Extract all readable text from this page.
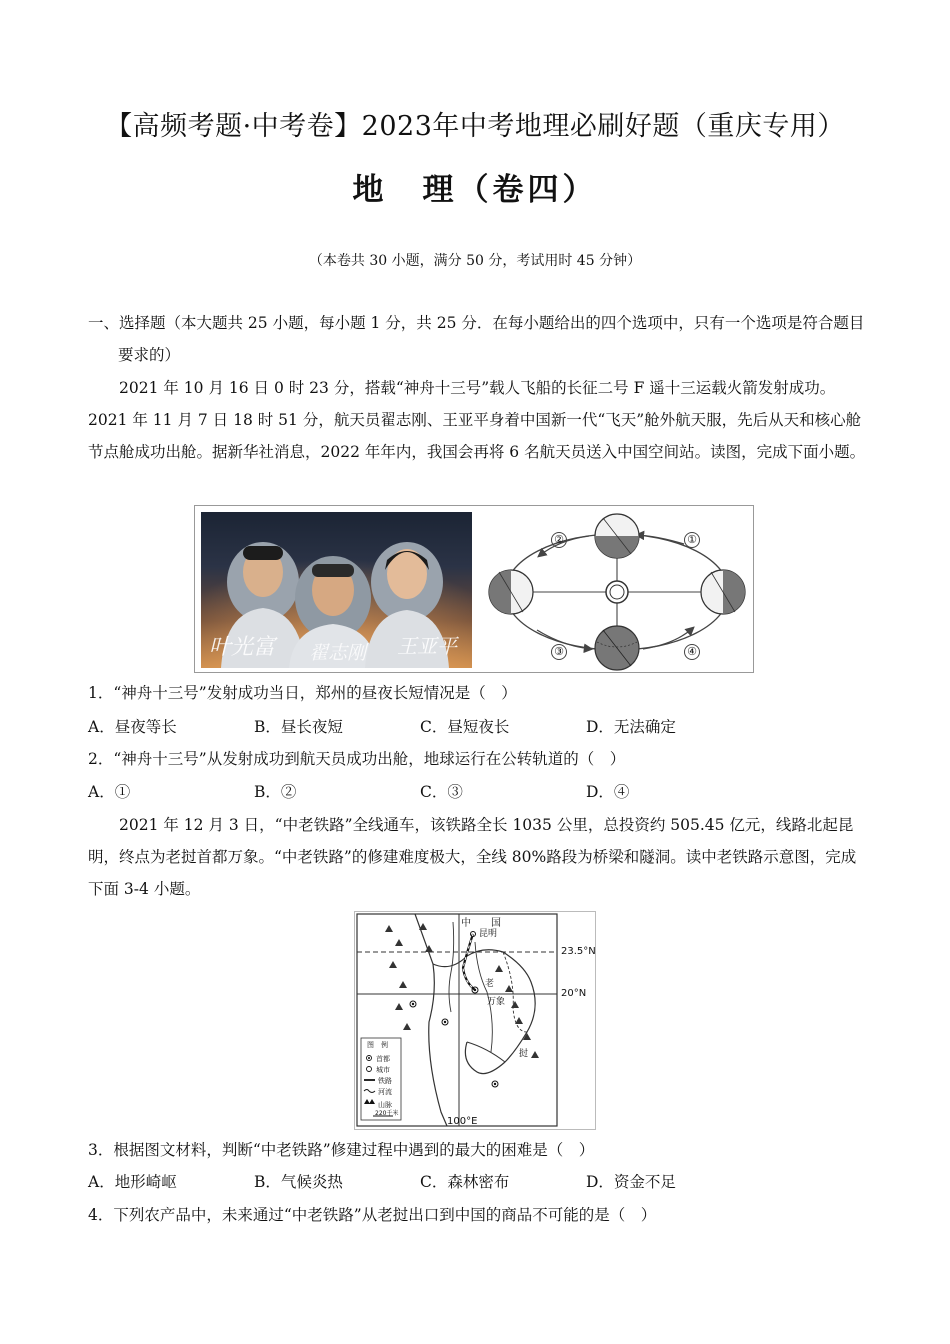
【高频考题·中考卷】2023年中考地理必刷好题（重庆专用）
地　理（卷四）
（本卷共 30 小题，满分 50 分，考试用时 45 分钟）
一、选择题（本大题共 25 小题，每小题 1 分，共 25 分．在每小题给出的四个选项中，只有一个选项是符合题目要求的）
2021 年 10 月 16 日 0 时 23 分，搭载“神舟十三号”载人飞船的长征二号 F 遥十三运载火箭发射成功。2021 年 11 月 7 日 18 时 51 分，航天员翟志刚、王亚平身着中国新一代“飞天”舱外航天服，先后从天和核心舱节点舱成功出舱。据新华社消息，2022 年年内，我国会再将 6 名航天员送入中国空间站。读图，完成下面小题。
叶光富 翟志刚 王亚平
②	①
③	④
1．“神舟十三号”发射成功当日，郑州的昼夜长短情况是（　）
A．昼夜等长	B．昼长夜短	C．昼短夜长	D．无法确定
2．“神舟十三号”从发射成功到航天员成功出舱，地球运行在公转轨道的（　）
A．①	B．②	C．③	D．④
2021 年 12 月 3 日，“中老铁路”全线通车，该铁路全长 1035 公里，总投资约 505.45 亿元，线路北起昆明，终点为老挝首都万象。“中老铁路”的修建难度极大，全线 80%路段为桥梁和隧洞。读中老铁路示意图，完成下面 3-4 小题。
中　　国
昆明
23.5°N
20°N
100°E
老
挝
万象
图　例
首都
城市
铁路
河流
山脉
220千米
3．根据图文材料，判断“中老铁路”修建过程中遇到的最大的困难是（　）
A．地形崎岖	B．气候炎热	C．森林密布	D．资金不足
4．下列农产品中，未来通过“中老铁路”从老挝出口到中国的商品不可能的是（　）
